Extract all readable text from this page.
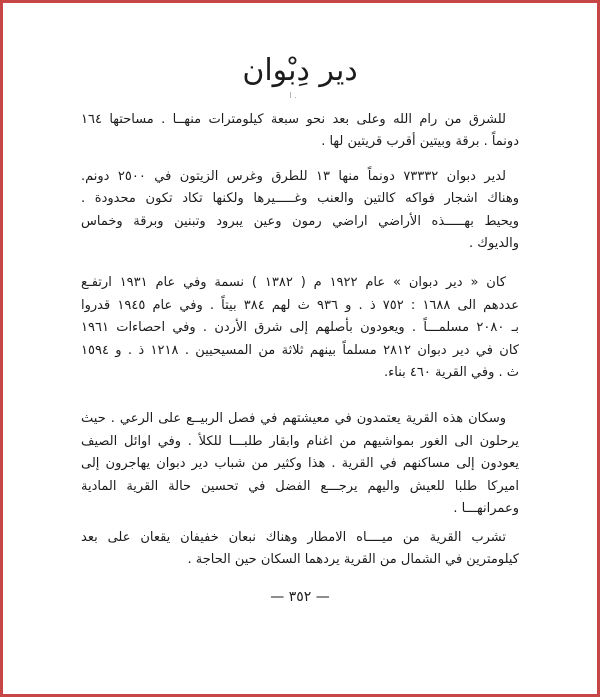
دير دِبْوان
ا .

للشرق من رام الله وعلى بعد نحو سبعة كيلومترات منهــا . مساحتها ١٦٤
دونماً . برقة وبيتين أقرب قريتين لها .

لدير دبوان ٧٣٣٣٢ دونماً منها ١٣ للطرق وغرس الزيتون في ٢٥٠٠ دونم.
وهناك اشجار فواكه كالتين والعنب وغـــــيرها ولكنها تكاد تكون محدودة .
ويحيط بهـــــذه الأراضي اراضي رمون وعين يبرود وتبنين وبرقة وخماس
والديوك .

كان « دير دبوان » عام ١٩٢٢ م ( ١٣٨٢ ) نسمة وفي عام ١٩٣١ ارتفـع
عددهم الى ١٦٨٨ : ٧٥٢ ذ . و ٩٣٦ ث لهم ٣٨٤ بيتاً . وفي عام ١٩٤٥ قدروا
بـ ٢٠٨٠ مسلمـــاً . ويعودون بأصلهم إلى شرق الأردن . وفي احصاءات ١٩٦١
كان في دير دبوان ٢٨١٢ مسلماً بينهم ثلاثة من المسيحيين . ١٢١٨ ذ . و ١٥٩٤
ث . وفي القرية ٤٦٠ بناء.

وسكان هذه القرية يعتمدون في معيشتهم في فصل الربيــع على الرعي . حيث
يرحلون الى الغور بمواشيهم من اغنام وابقار طلبـــا للكلأ . وفي اوائل الصيف
يعودون إلى مساكنهم في القرية . هذا وكثير من شباب دير دبوان يهاجرون إلى
اميركا طلبا للعيش واليهم يرجـــع الفضل في تحسين حالة القرية المادية
وعمرانهـــا .

تشرب القرية من ميــــاه الامطار وهناك نبعان خفيفان يقعان على بعد
كيلومترين في الشمال من القرية يردهما السكان حين الحاجة .

— ٣٥٢ —
